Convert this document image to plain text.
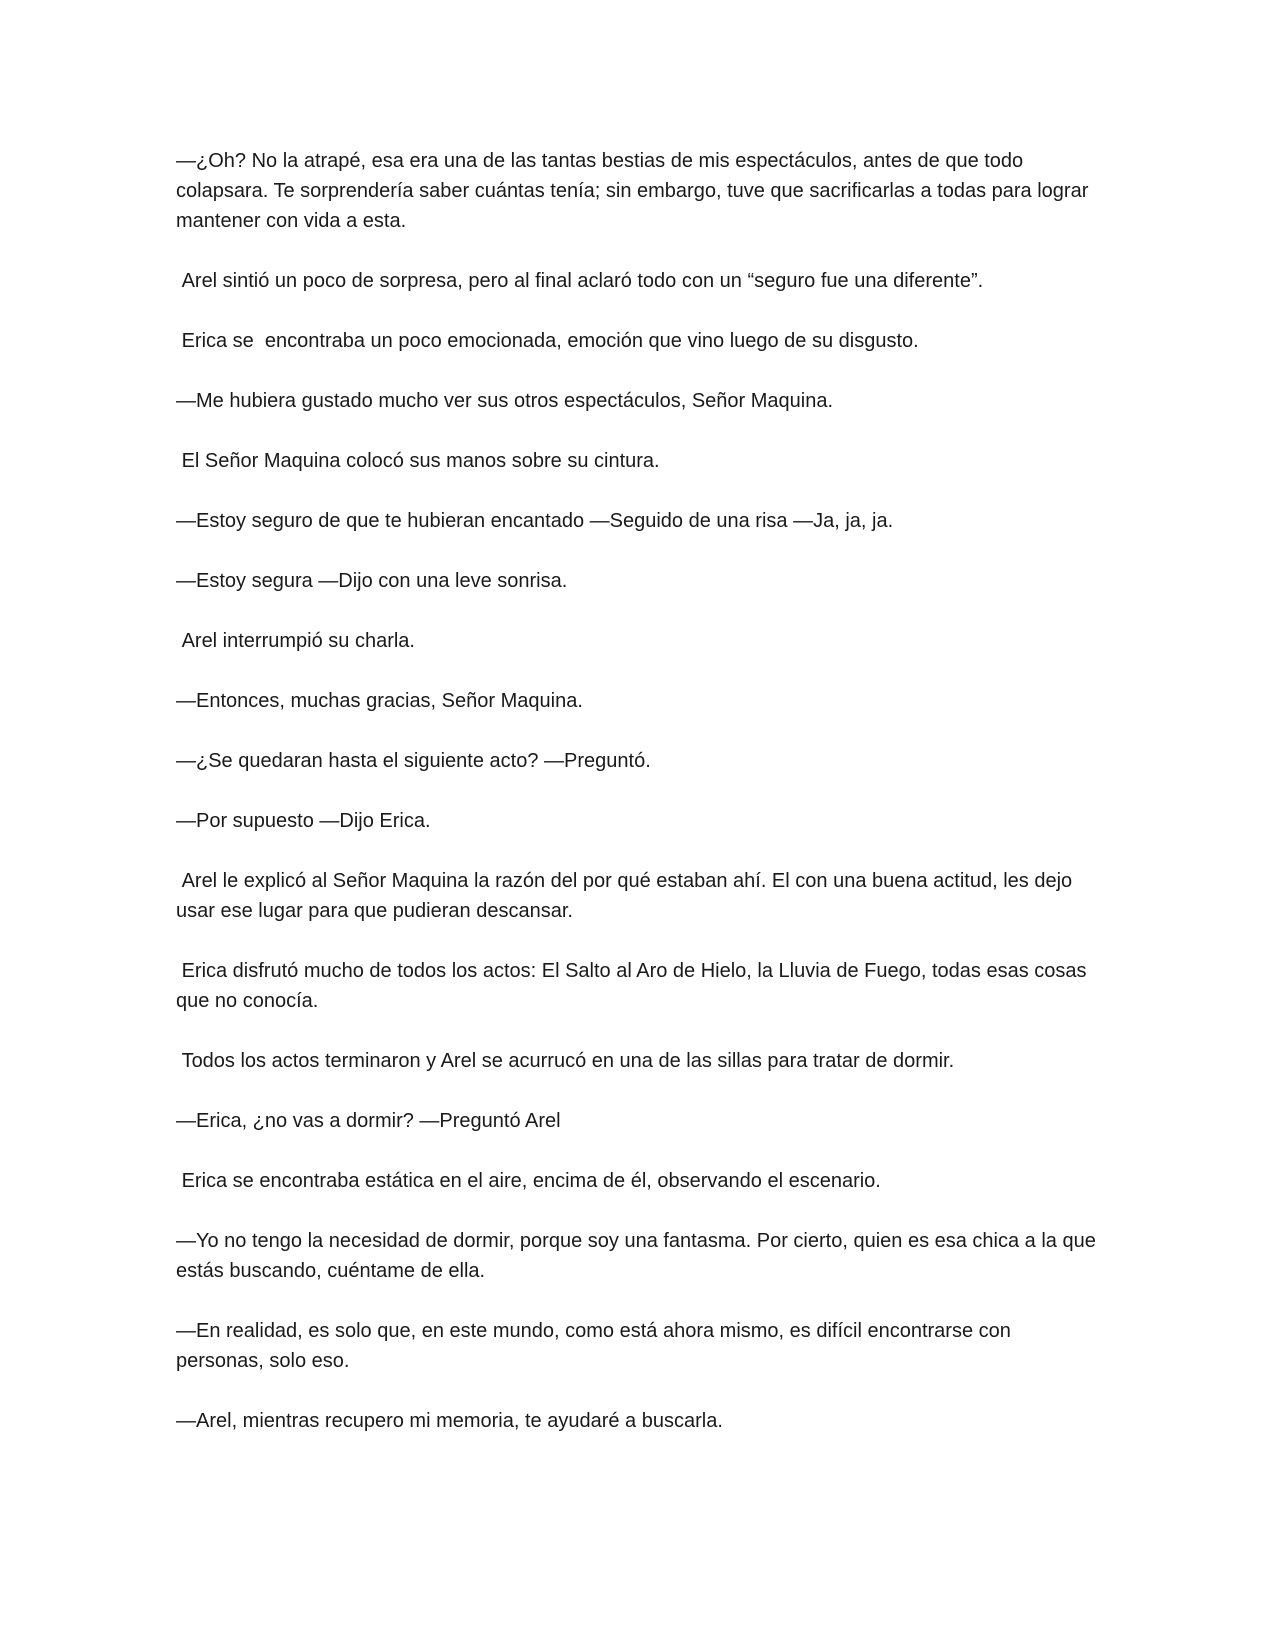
—¿Oh? No la atrapé, esa era una de las tantas bestias de mis espectáculos, antes de que todo colapsara. Te sorprendería saber cuántas tenía; sin embargo, tuve que sacrificarlas a todas para lograr mantener con vida a esta.

Arel sintió un poco de sorpresa, pero al final aclaró todo con un “seguro fue una diferente”.

Erica se  encontraba un poco emocionada, emoción que vino luego de su disgusto.

—Me hubiera gustado mucho ver sus otros espectáculos, Señor Maquina.

El Señor Maquina colocó sus manos sobre su cintura.

—Estoy seguro de que te hubieran encantado —Seguido de una risa —Ja, ja, ja.

—Estoy segura —Dijo con una leve sonrisa.

Arel interrumpió su charla.

—Entonces, muchas gracias, Señor Maquina.

—¿Se quedaran hasta el siguiente acto? —Preguntó.

—Por supuesto —Dijo Erica.

Arel le explicó al Señor Maquina la razón del por qué estaban ahí. El con una buena actitud, les dejo usar ese lugar para que pudieran descansar.

Erica disfrutó mucho de todos los actos: El Salto al Aro de Hielo, la Lluvia de Fuego, todas esas cosas que no conocía.

Todos los actos terminaron y Arel se acurrucó en una de las sillas para tratar de dormir.

—Erica, ¿no vas a dormir? —Preguntó Arel

Erica se encontraba estática en el aire, encima de él, observando el escenario.

—Yo no tengo la necesidad de dormir, porque soy una fantasma. Por cierto, quien es esa chica a la que estás buscando, cuéntame de ella.

—En realidad, es solo que, en este mundo, como está ahora mismo, es difícil encontrarse con personas, solo eso.

—Arel, mientras recupero mi memoria, te ayudaré a buscarla.
